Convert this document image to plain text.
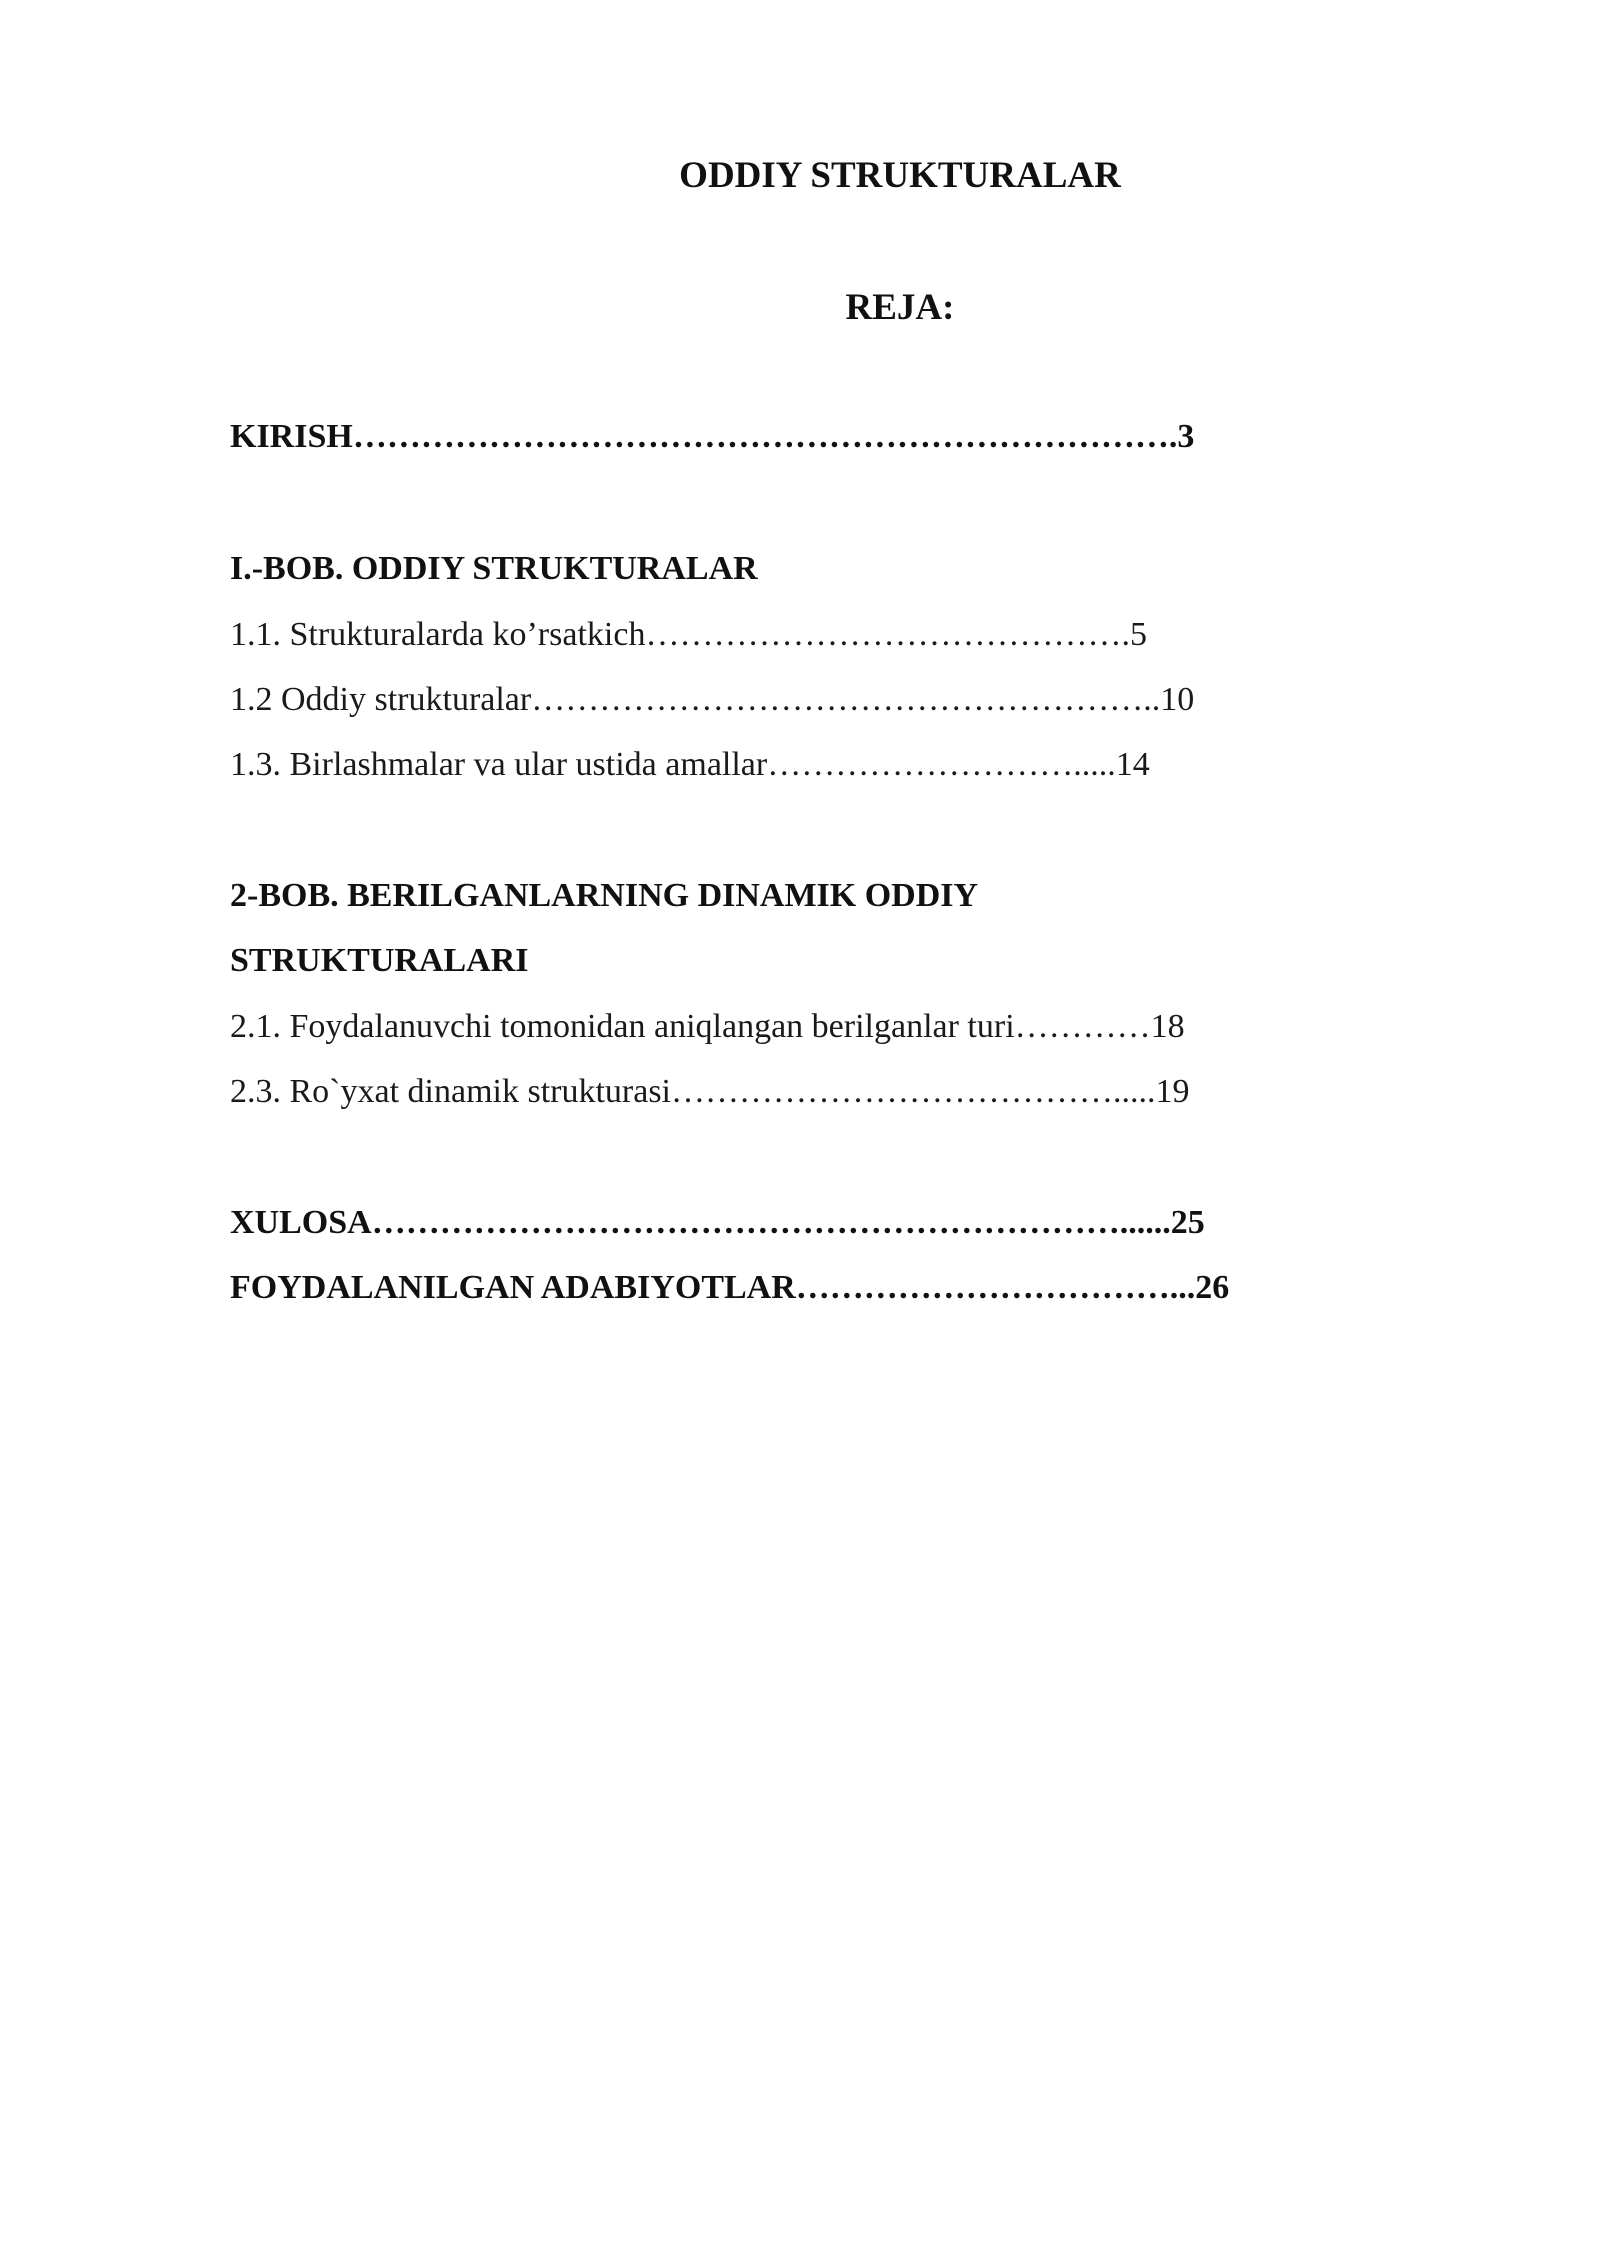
ODDIY STRUKTURALAR
REJA:

KIRISH……………………………………………………………….3

I.-BOB. ODDIY STRUKTURALAR

1.1. Strukturalarda ko’rsatkich…………………………………….5

1.2 Oddiy strukturalar………………………………………………..10

1.3. Birlashmalar va ular ustida amallar……………………….....14

2-BOB. BERILGANLARNING DINAMIK ODDIY

STRUKTURALARI

2.1. Foydalanuvchi tomonidan aniqlangan berilganlar turi…………18

2.3. Ro`yxat dinamik strukturasi………………………………….....19

XULOSA…………………………………………………………......25

FOYDALANILGAN ADABIYOTLAR……………………………...26
